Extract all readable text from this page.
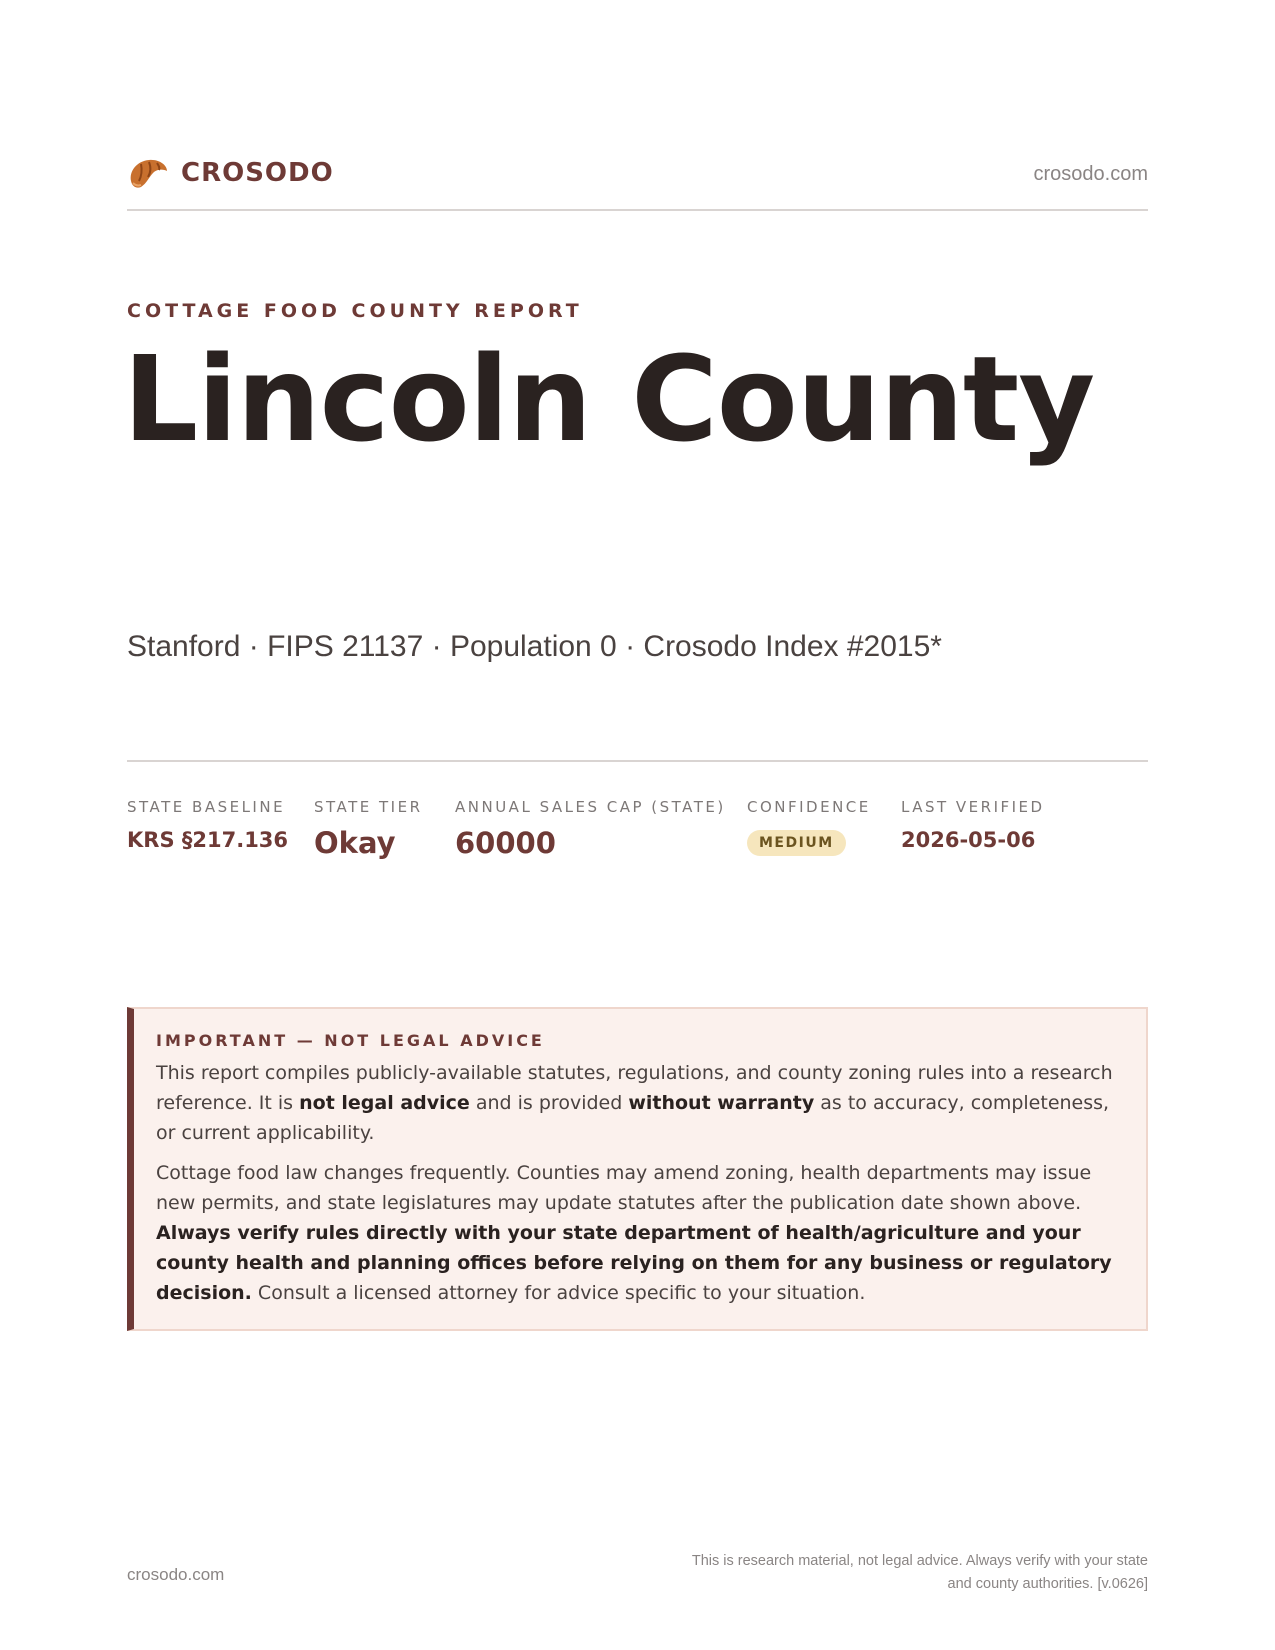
CROSODO	crosodo.com
COTTAGE FOOD COUNTY REPORT
Lincoln County
Stanford · FIPS 21137 · Population 0 · Crosodo Index #2015*
STATE BASELINE
KRS §217.136
STATE TIER
Okay
ANNUAL SALES CAP (STATE)
60000
CONFIDENCE
MEDIUM
LAST VERIFIED
2026-05-06
IMPORTANT — NOT LEGAL ADVICE

This report compiles publicly-available statutes, regulations, and county zoning rules into a research reference. It is not legal advice and is provided without warranty as to accuracy, completeness, or current applicability.

Cottage food law changes frequently. Counties may amend zoning, health departments may issue new permits, and state legislatures may update statutes after the publication date shown above. Always verify rules directly with your state department of health/agriculture and your county health and planning offices before relying on them for any business or regulatory decision. Consult a licensed attorney for advice specific to your situation.

crosodo.com
This is research material, not legal advice. Always verify with your state
and county authorities. [v.0626]
